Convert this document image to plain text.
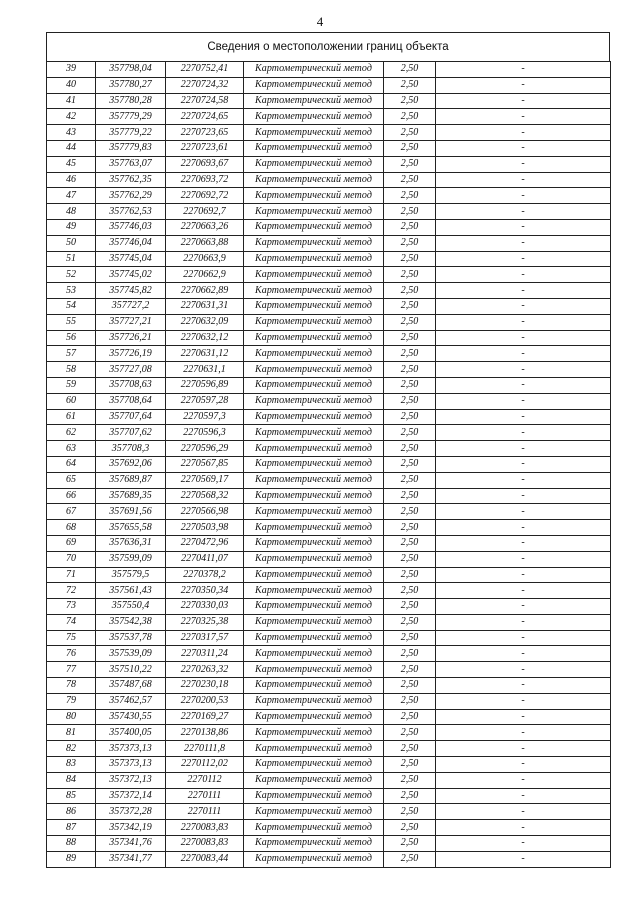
4
Сведения о местоположении границ объекта
39	357798,04	2270752,41	Картометрический метод	2,50	-
40	357780,27	2270724,32	Картометрический метод	2,50	-
41	357780,28	2270724,58	Картометрический метод	2,50	-
42	357779,29	2270724,65	Картометрический метод	2,50	-
43	357779,22	2270723,65	Картометрический метод	2,50	-
44	357779,83	2270723,61	Картометрический метод	2,50	-
45	357763,07	2270693,67	Картометрический метод	2,50	-
46	357762,35	2270693,72	Картометрический метод	2,50	-
47	357762,29	2270692,72	Картометрический метод	2,50	-
48	357762,53	2270692,7	Картометрический метод	2,50	-
49	357746,03	2270663,26	Картометрический метод	2,50	-
50	357746,04	2270663,88	Картометрический метод	2,50	-
51	357745,04	2270663,9	Картометрический метод	2,50	-
52	357745,02	2270662,9	Картометрический метод	2,50	-
53	357745,82	2270662,89	Картометрический метод	2,50	-
54	357727,2	2270631,31	Картометрический метод	2,50	-
55	357727,21	2270632,09	Картометрический метод	2,50	-
56	357726,21	2270632,12	Картометрический метод	2,50	-
57	357726,19	2270631,12	Картометрический метод	2,50	-
58	357727,08	2270631,1	Картометрический метод	2,50	-
59	357708,63	2270596,89	Картометрический метод	2,50	-
60	357708,64	2270597,28	Картометрический метод	2,50	-
61	357707,64	2270597,3	Картометрический метод	2,50	-
62	357707,62	2270596,3	Картометрический метод	2,50	-
63	357708,3	2270596,29	Картометрический метод	2,50	-
64	357692,06	2270567,85	Картометрический метод	2,50	-
65	357689,87	2270569,17	Картометрический метод	2,50	-
66	357689,35	2270568,32	Картометрический метод	2,50	-
67	357691,56	2270566,98	Картометрический метод	2,50	-
68	357655,58	2270503,98	Картометрический метод	2,50	-
69	357636,31	2270472,96	Картометрический метод	2,50	-
70	357599,09	2270411,07	Картометрический метод	2,50	-
71	357579,5	2270378,2	Картометрический метод	2,50	-
72	357561,43	2270350,34	Картометрический метод	2,50	-
73	357550,4	2270330,03	Картометрический метод	2,50	-
74	357542,38	2270325,38	Картометрический метод	2,50	-
75	357537,78	2270317,57	Картометрический метод	2,50	-
76	357539,09	2270311,24	Картометрический метод	2,50	-
77	357510,22	2270263,32	Картометрический метод	2,50	-
78	357487,68	2270230,18	Картометрический метод	2,50	-
79	357462,57	2270200,53	Картометрический метод	2,50	-
80	357430,55	2270169,27	Картометрический метод	2,50	-
81	357400,05	2270138,86	Картометрический метод	2,50	-
82	357373,13	2270111,8	Картометрический метод	2,50	-
83	357373,13	2270112,02	Картометрический метод	2,50	-
84	357372,13	2270112	Картометрический метод	2,50	-
85	357372,14	2270111	Картометрический метод	2,50	-
86	357372,28	2270111	Картометрический метод	2,50	-
87	357342,19	2270083,83	Картометрический метод	2,50	-
88	357341,76	2270083,83	Картометрический метод	2,50	-
89	357341,77	2270083,44	Картометрический метод	2,50	-
